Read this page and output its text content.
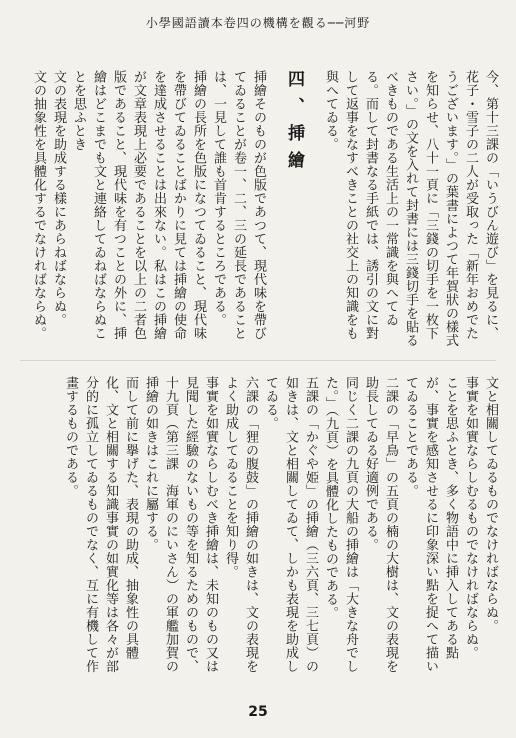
小學國語讀本卷四の機構を觀る──河野

今、第十三課の「いうびん遊び」を見るに、花子・雪子の二人が受取った「新年おめでたうございます。」の葉書によつて年賀狀の樣式を知らせ、八十一頁に「三錢の切手を一枚下さい。」の文を入れて封書には三錢切手を貼るべきものである生活上の一常識を與へてゐる。而して封書なる手紙では、誘引の文に對して返事をなすべきことの社交上の知識をも與へてゐる。

四、挿繪

挿繪そのものが色版であつて、現代味を帶びてゐることが卷一、二、三の延長であることは、一見して誰も首肯するところである。

挿繪の長所を色版になつてゐること、現代味を帶びてゐることばかりに見ては挿繪の使命を達成させることは出來ない。私はこの挿繪が文章表現上必要であることを以上の二者色版であること、現代味を有つことの外に、挿繪はどこまでも文と連絡してゐねばならぬことを思ふとき

文の表現を助成する樣にあらねばならぬ。

文の抽象性を具體化するでなければならぬ。

文と相關してゐるものでなければならぬ。

事實を如實ならしむるものでなければならぬ。

ことを思ふとき、多く物語中に挿入してある點が、事實を感知させるに印象深い點を捉へて描いてゐることである。

二課の「早鳥」の五頁の楠の大樹は、文の表現を助長してゐる好適例である。

同じく二課の九頁の大船の挿繪は「大きな舟でした。」（九頁）を具體化したものである。

五課の「かぐや姫」の挿繪（三六頁、三七頁）の如きは、文と相關してゐて、しかも表現を助成してゐる。

六課の「狸の腹鼓」の挿繪の如きは、文の表現をよく助成してゐることを知り得。

事實を如實ならしむべき挿繪は、未知のもの又は見聞した經驗のないもの等を知るためのもので、十九頁（第三課　海軍のにいさん）の軍艦加賀の挿繪の如きはこれに屬する。

而して前に擧げた、表現の助成、抽象性の具體化、文と相關する知識事實の如實化等は各々が部分的に孤立してゐるものでなく、互に有機して作畫するものである。

25
